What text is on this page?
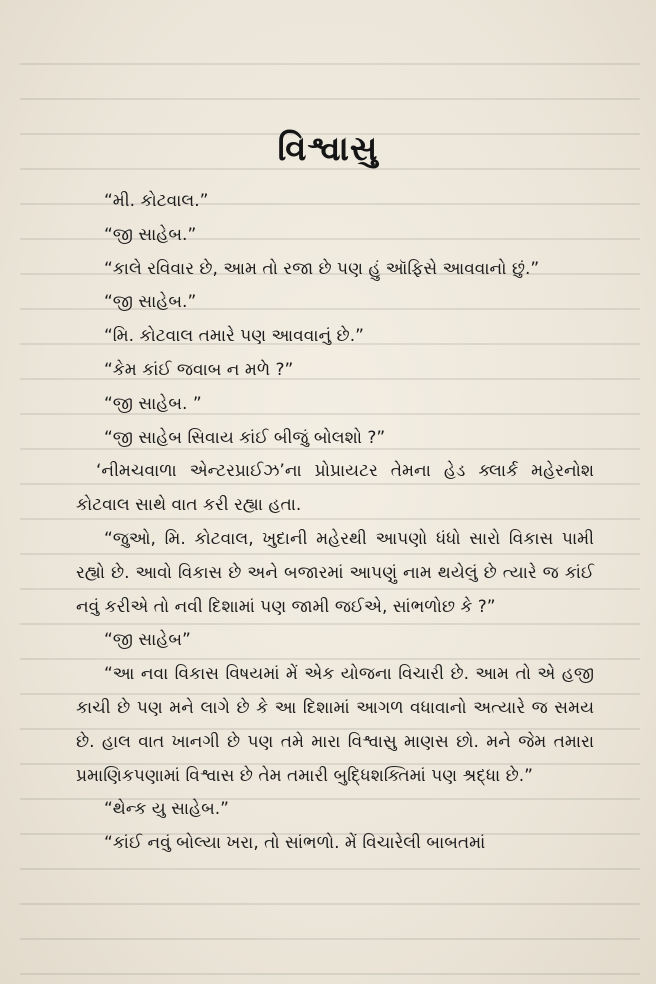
વિશ્વાસુ

“મી. કોટવાલ.”

“જી સાહેબ.”

“કાલે રવિવાર છે, આમ તો રજા છે પણ હું ઑફિસે આવવાનો છું.”

“જી સાહેબ.”

“મિ. કોટવાલ તમારે પણ આવવાનું છે.”

“કેમ કાંઈ જવાબ ન મળે ?”

“જી સાહેબ. ”

“જી સાહેબ સિવાય કાંઈ બીજું બોલશો ?”

‘નીમચવાળા એન્ટરપ્રાઈઝ’ના પ્રોપ્રાયટર તેમના હેડ ક્લાર્ક મહેરનોશ કોટવાલ સાથે વાત કરી રહ્યા હતા.

“જુઓ, મિ. કોટવાલ, ખુદાની મહેરથી આપણો ધંધો સારો વિકાસ પામી રહ્યો છે. આવો વિકાસ છે અને બજારમાં આપણું નામ થયેલું છે ત્યારે જ કાંઈ નવું કરીએ તો નવી દિશામાં પણ જામી જઈએ, સાંભળોછ કે ?”

“જી સાહેબ”

“આ નવા વિકાસ વિષયમાં મેં એક યોજના વિચારી છે. આમ તો એ હજી કાચી છે પણ મને લાગે છે કે આ દિશામાં આગળ વધાવાનો અત્યારે જ સમય છે. હાલ વાત ખાનગી છે પણ તમે મારા વિશ્વાસુ માણસ છો. મને જેમ તમારા પ્રમાણિકપણામાં વિશ્વાસ છે તેમ તમારી બુદ્ધિશક્તિમાં પણ શ્રદ્ધા છે.”

“થેન્ક યુ સાહેબ.”

“કાંઈ નવું બોલ્યા ખરા, તો સાંભળો. મેં વિચારેલી બાબતમાં
